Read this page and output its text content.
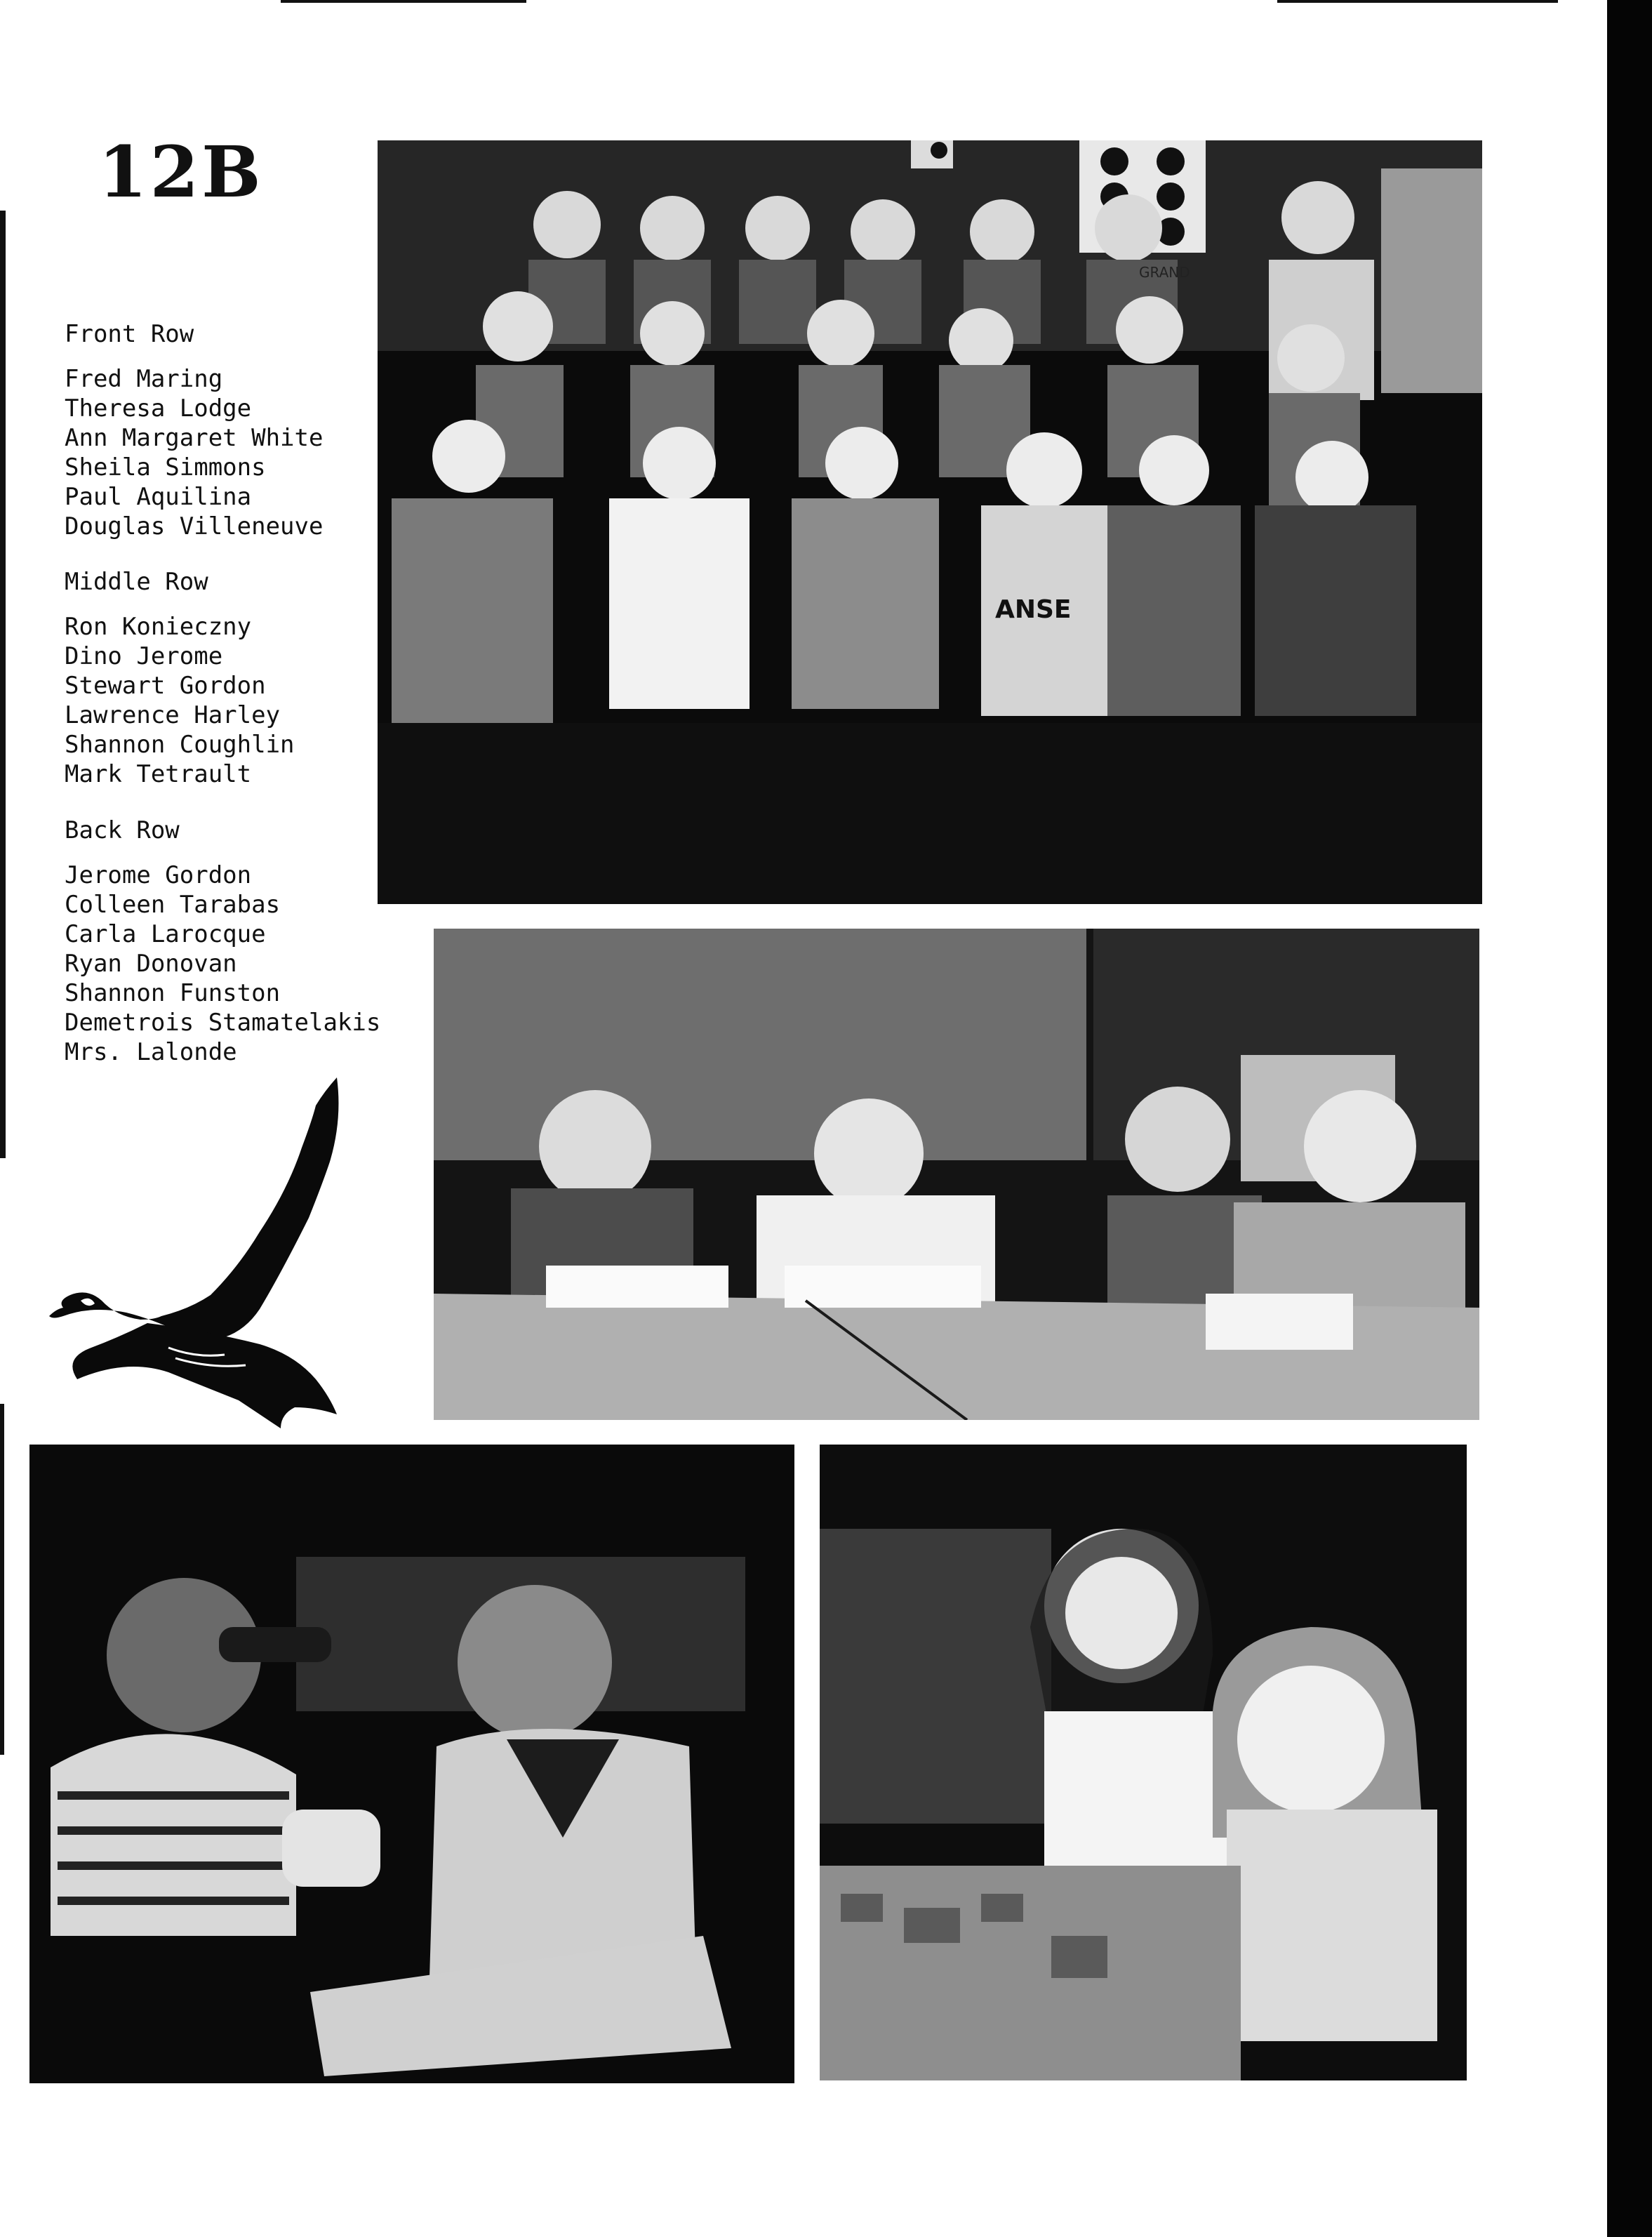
12B
Front Row
Fred Maring
Theresa Lodge
Ann Margaret White
Sheila Simmons
Paul Aquilina
Douglas Villeneuve
Middle Row
Ron Konieczny
Dino Jerome
Stewart Gordon
Lawrence Harley
Shannon Coughlin
Mark Tetrault
Back Row
Jerome Gordon
Colleen Tarabas
Carla Larocque
Ryan Donovan
Shannon Funston
Demetrois Stamatelakis
Mrs. Lalonde
GRAND
ANSE
